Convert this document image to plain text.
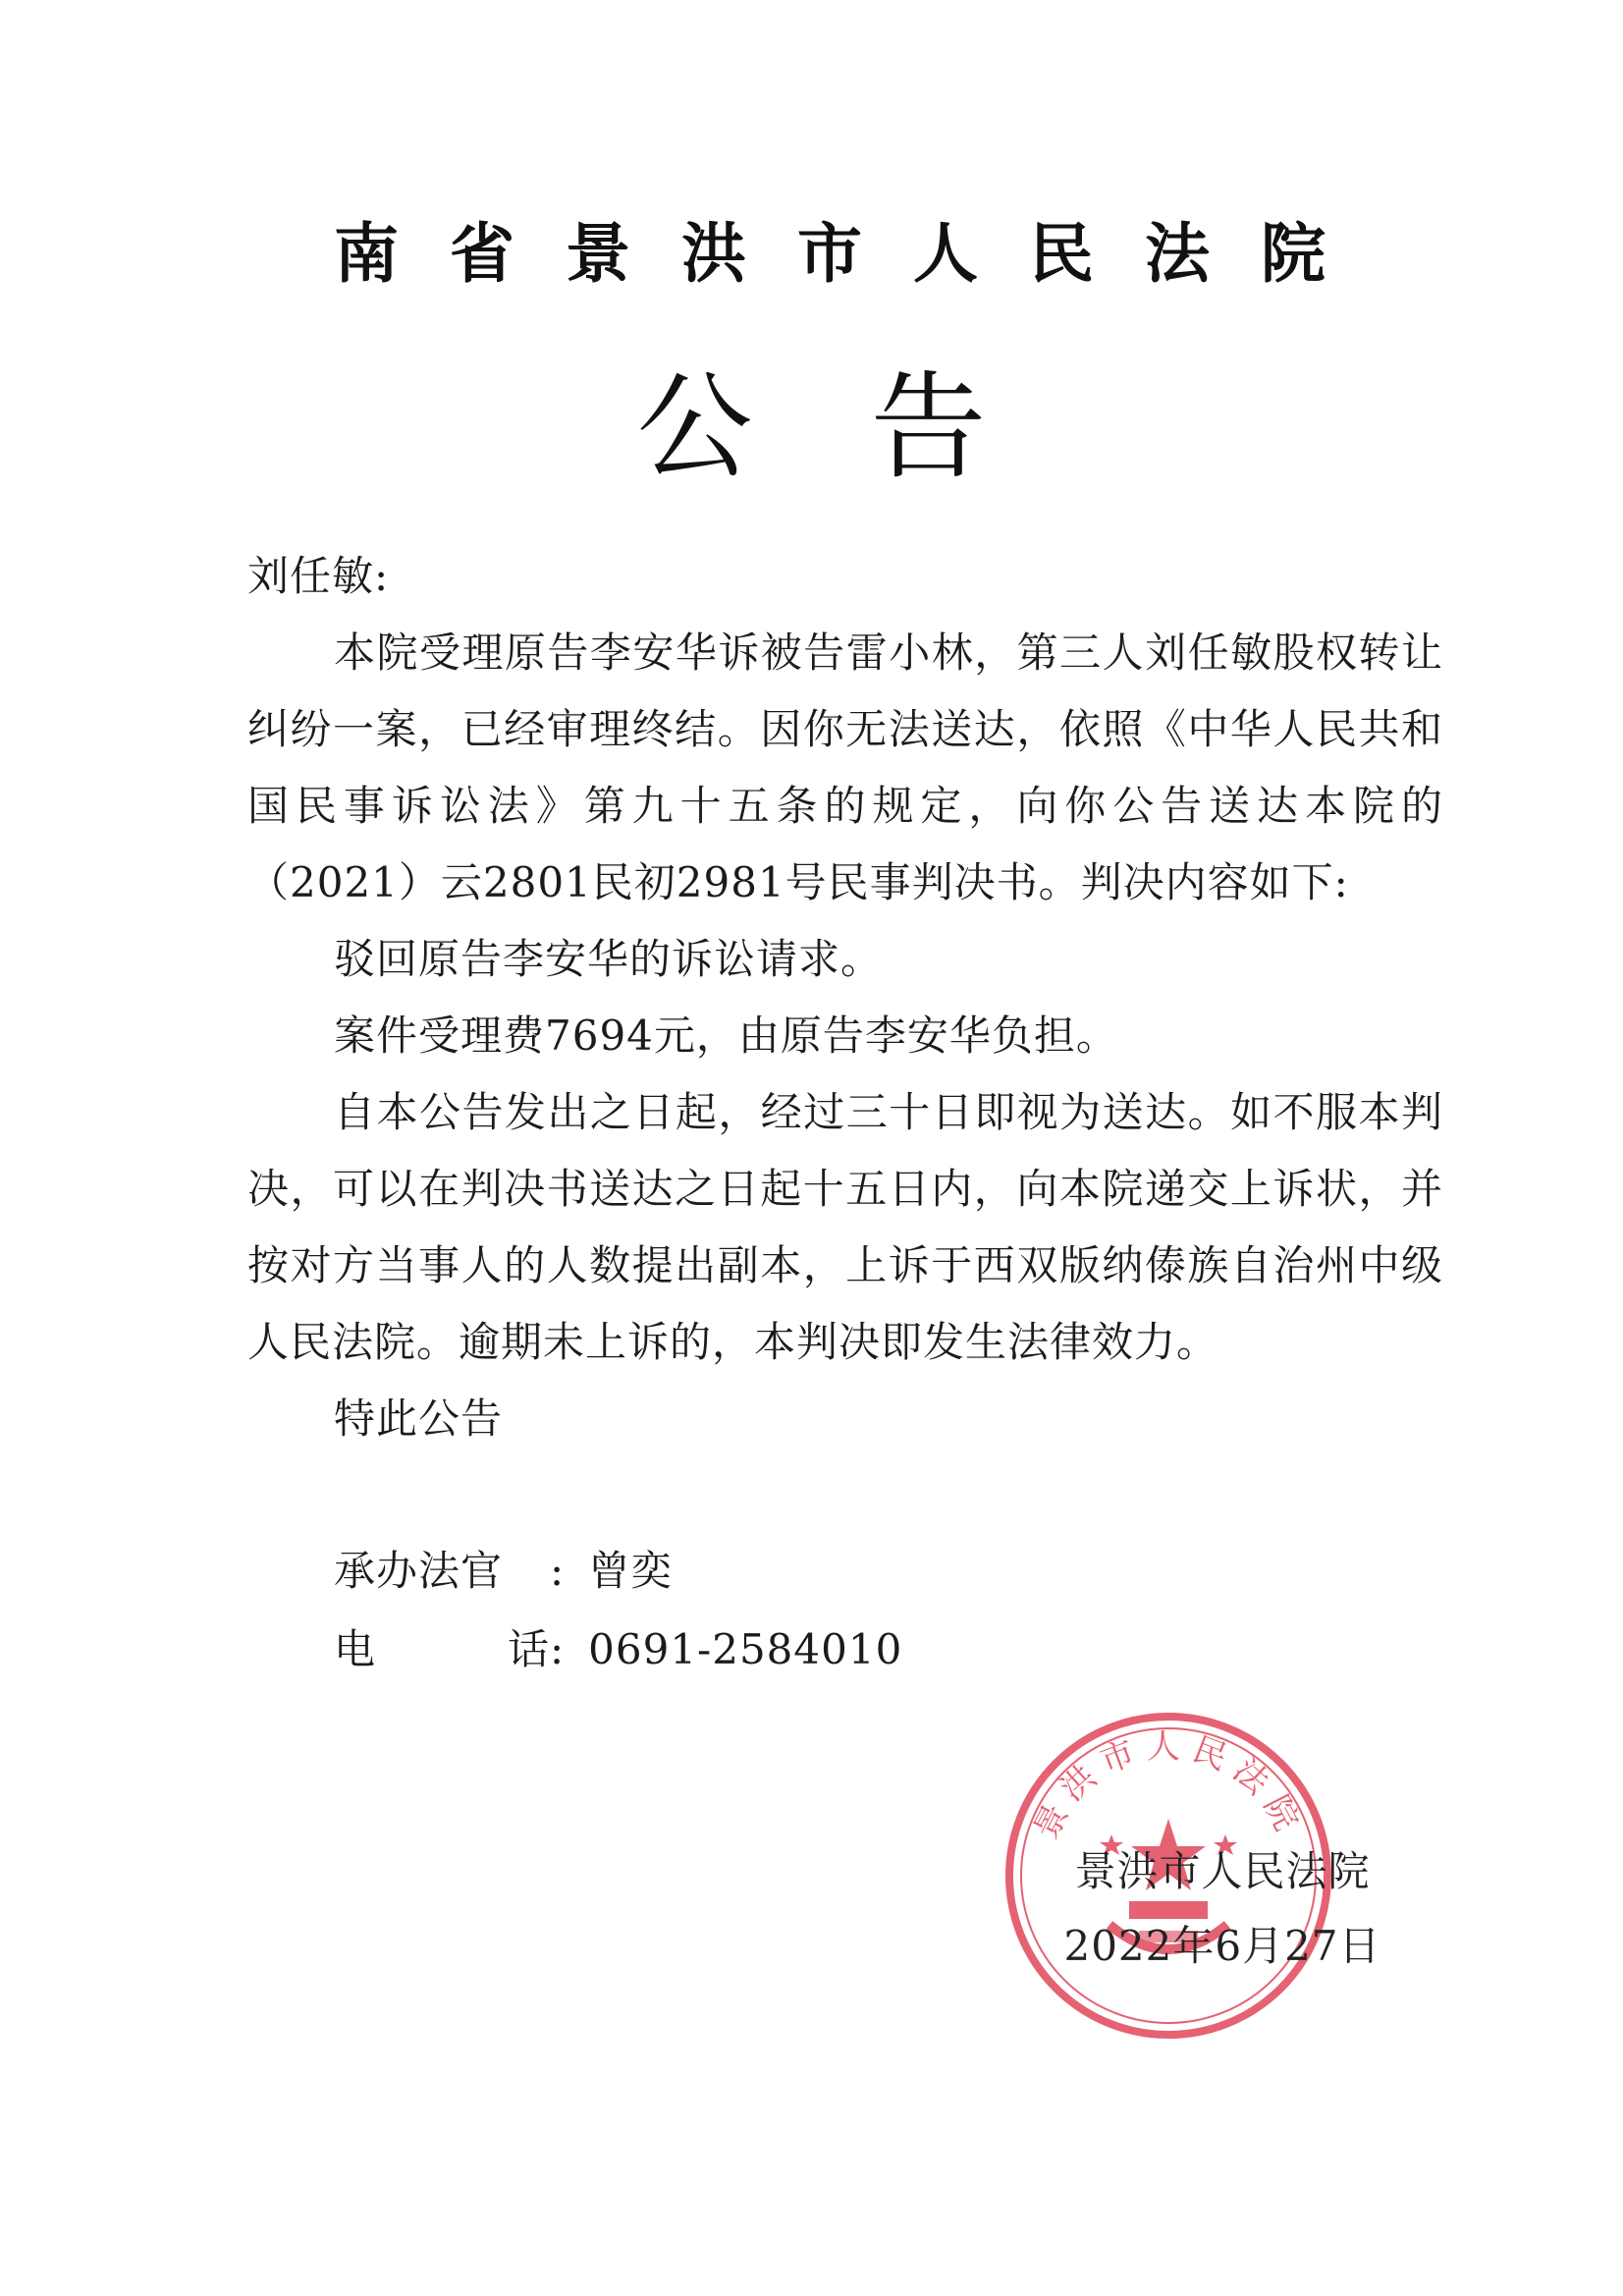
南省景洪市人民法院
公告

刘任敏:

本院受理原告李安华诉被告雷小林，第三人刘任敏股权转让纠纷一案，已经审理终结。因你无法送达，依照《中华人民共和国民事诉讼法》第九十五条的规定，向你公告送达本院的（2021）云2801民初2981号民事判决书。判决内容如下:

驳回原告李安华的诉讼请求。

案件受理费7694元，由原告李安华负担。

自本公告发出之日起，经过三十日即视为送达。如不服本判决，可以在判决书送达之日起十五日内，向本院递交上诉状，并按对方当事人的人数提出副本，上诉于西双版纳傣族自治州中级人民法院。逾期未上诉的，本判决即发生法律效力。

特此公告

承办法官 : 曾奕
电	话 : 0691-2584010
景洪市人民法院
景洪市人民法院
2022年6月27日
